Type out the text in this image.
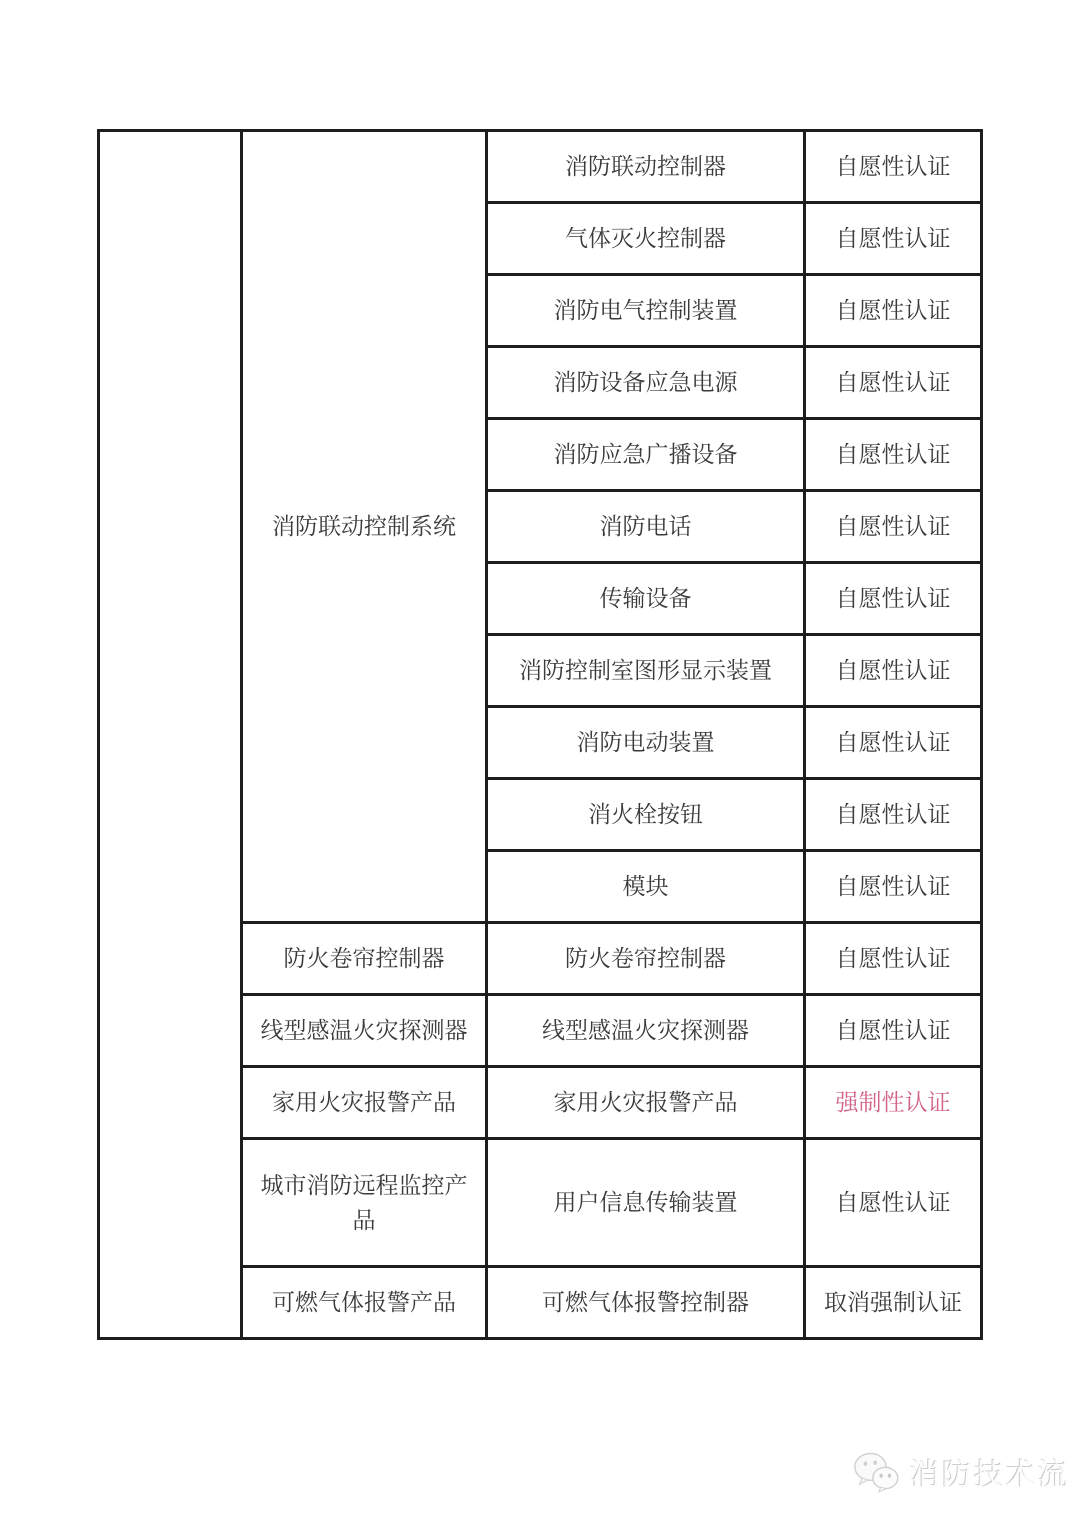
	消防联动控制系统	消防联动控制器	自愿性认证
		气体灭火控制器	自愿性认证
		消防电气控制装置	自愿性认证
		消防设备应急电源	自愿性认证
		消防应急广播设备	自愿性认证
		消防电话	自愿性认证
		传输设备	自愿性认证
		消防控制室图形显示装置	自愿性认证
		消防电动装置	自愿性认证
		消火栓按钮	自愿性认证
		模块	自愿性认证
	防火卷帘控制器	防火卷帘控制器	自愿性认证
	线型感温火灾探测器	线型感温火灾探测器	自愿性认证
	家用火灾报警产品	家用火灾报警产品	强制性认证
	城市消防远程监控产品	用户信息传输装置	自愿性认证
	可燃气体报警产品	可燃气体报警控制器	取消强制认证
消防技术流
